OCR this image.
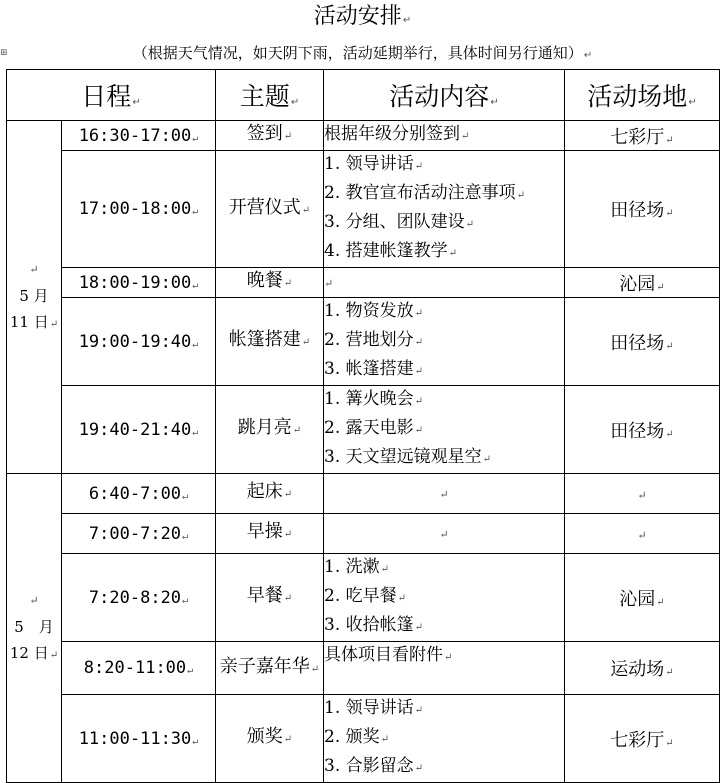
活动安排↵
⊞	（根据天气情况，如天阴下雨，活动延期举行，具体时间另行通知）↵
日程↵		主题↵	活动内容↵	活动场地↵

↵
5 月
11 日↵	16:30-17:00↵	签到↵	根据年级分别签到↵	七彩厅↵
	17:00-18:00↵	开营仪式↵	1. 领导讲话↵
2. 教官宣布活动注意事项↵
3. 分组、团队建设↵
4. 搭建帐篷教学↵	田径场↵
	18:00-19:00↵	晚餐↵	↵	沁园↵
	19:00-19:40↵	帐篷搭建↵	1. 物资发放↵
2. 营地划分↵
3. 帐篷搭建↵	田径场↵
	19:40-21:40↵	跳月亮↵	1. 篝火晚会↵
2. 露天电影↵
3. 天文望远镜观星空↵	田径场↵

↵
5　月
12 日↵	6:40-7:00↵	起床↵	↵	↵
	7:00-7:20↵	早操↵	↵	↵
	7:20-8:20↵	早餐↵	1. 洗漱↵
2. 吃早餐↵
3. 收拾帐篷↵	沁园↵
	8:20-11:00↵	亲子嘉年华↵	具体项目看附件↵	运动场↵
	11:00-11:30↵	颁奖↵	1. 领导讲话↵
2. 颁奖↵
3. 合影留念↵	七彩厅↵
